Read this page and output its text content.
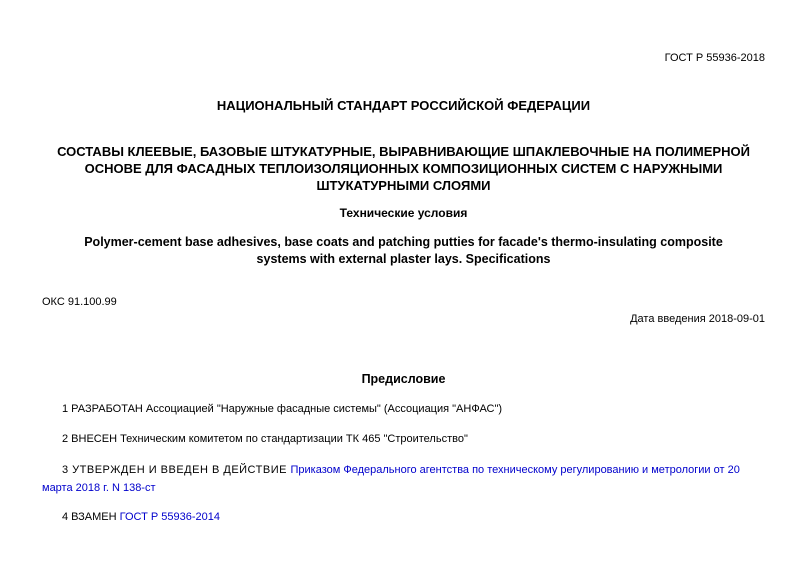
ГОСТ Р 55936-2018
НАЦИОНАЛЬНЫЙ СТАНДАРТ РОССИЙСКОЙ ФЕДЕРАЦИИ
СОСТАВЫ КЛЕЕВЫЕ, БАЗОВЫЕ ШТУКАТУРНЫЕ, ВЫРАВНИВАЮЩИЕ ШПАКЛЕВОЧНЫЕ НА ПОЛИМЕРНОЙ ОСНОВЕ ДЛЯ ФАСАДНЫХ ТЕПЛОИЗОЛЯЦИОННЫХ КОМПОЗИЦИОННЫХ СИСТЕМ С НАРУЖНЫМИ ШТУКАТУРНЫМИ СЛОЯМИ
Технические условия
Polymer-cement base adhesives, base coats and patching putties for facade's thermo-insulating composite systems with external plaster lays. Specifications
ОКС 91.100.99
Дата введения 2018-09-01
Предисловие
1 РАЗРАБОТАН Ассоциацией "Наружные фасадные системы" (Ассоциация "АНФАС")
2 ВНЕСЕН Техническим комитетом по стандартизации ТК 465 "Строительство"
3 УТВЕРЖДЕН И ВВЕДЕН В ДЕЙСТВИЕ Приказом Федерального агентства по техническому регулированию и метрологии от 20 марта 2018 г. N 138-ст
4 ВЗАМЕН ГОСТ Р 55936-2014
